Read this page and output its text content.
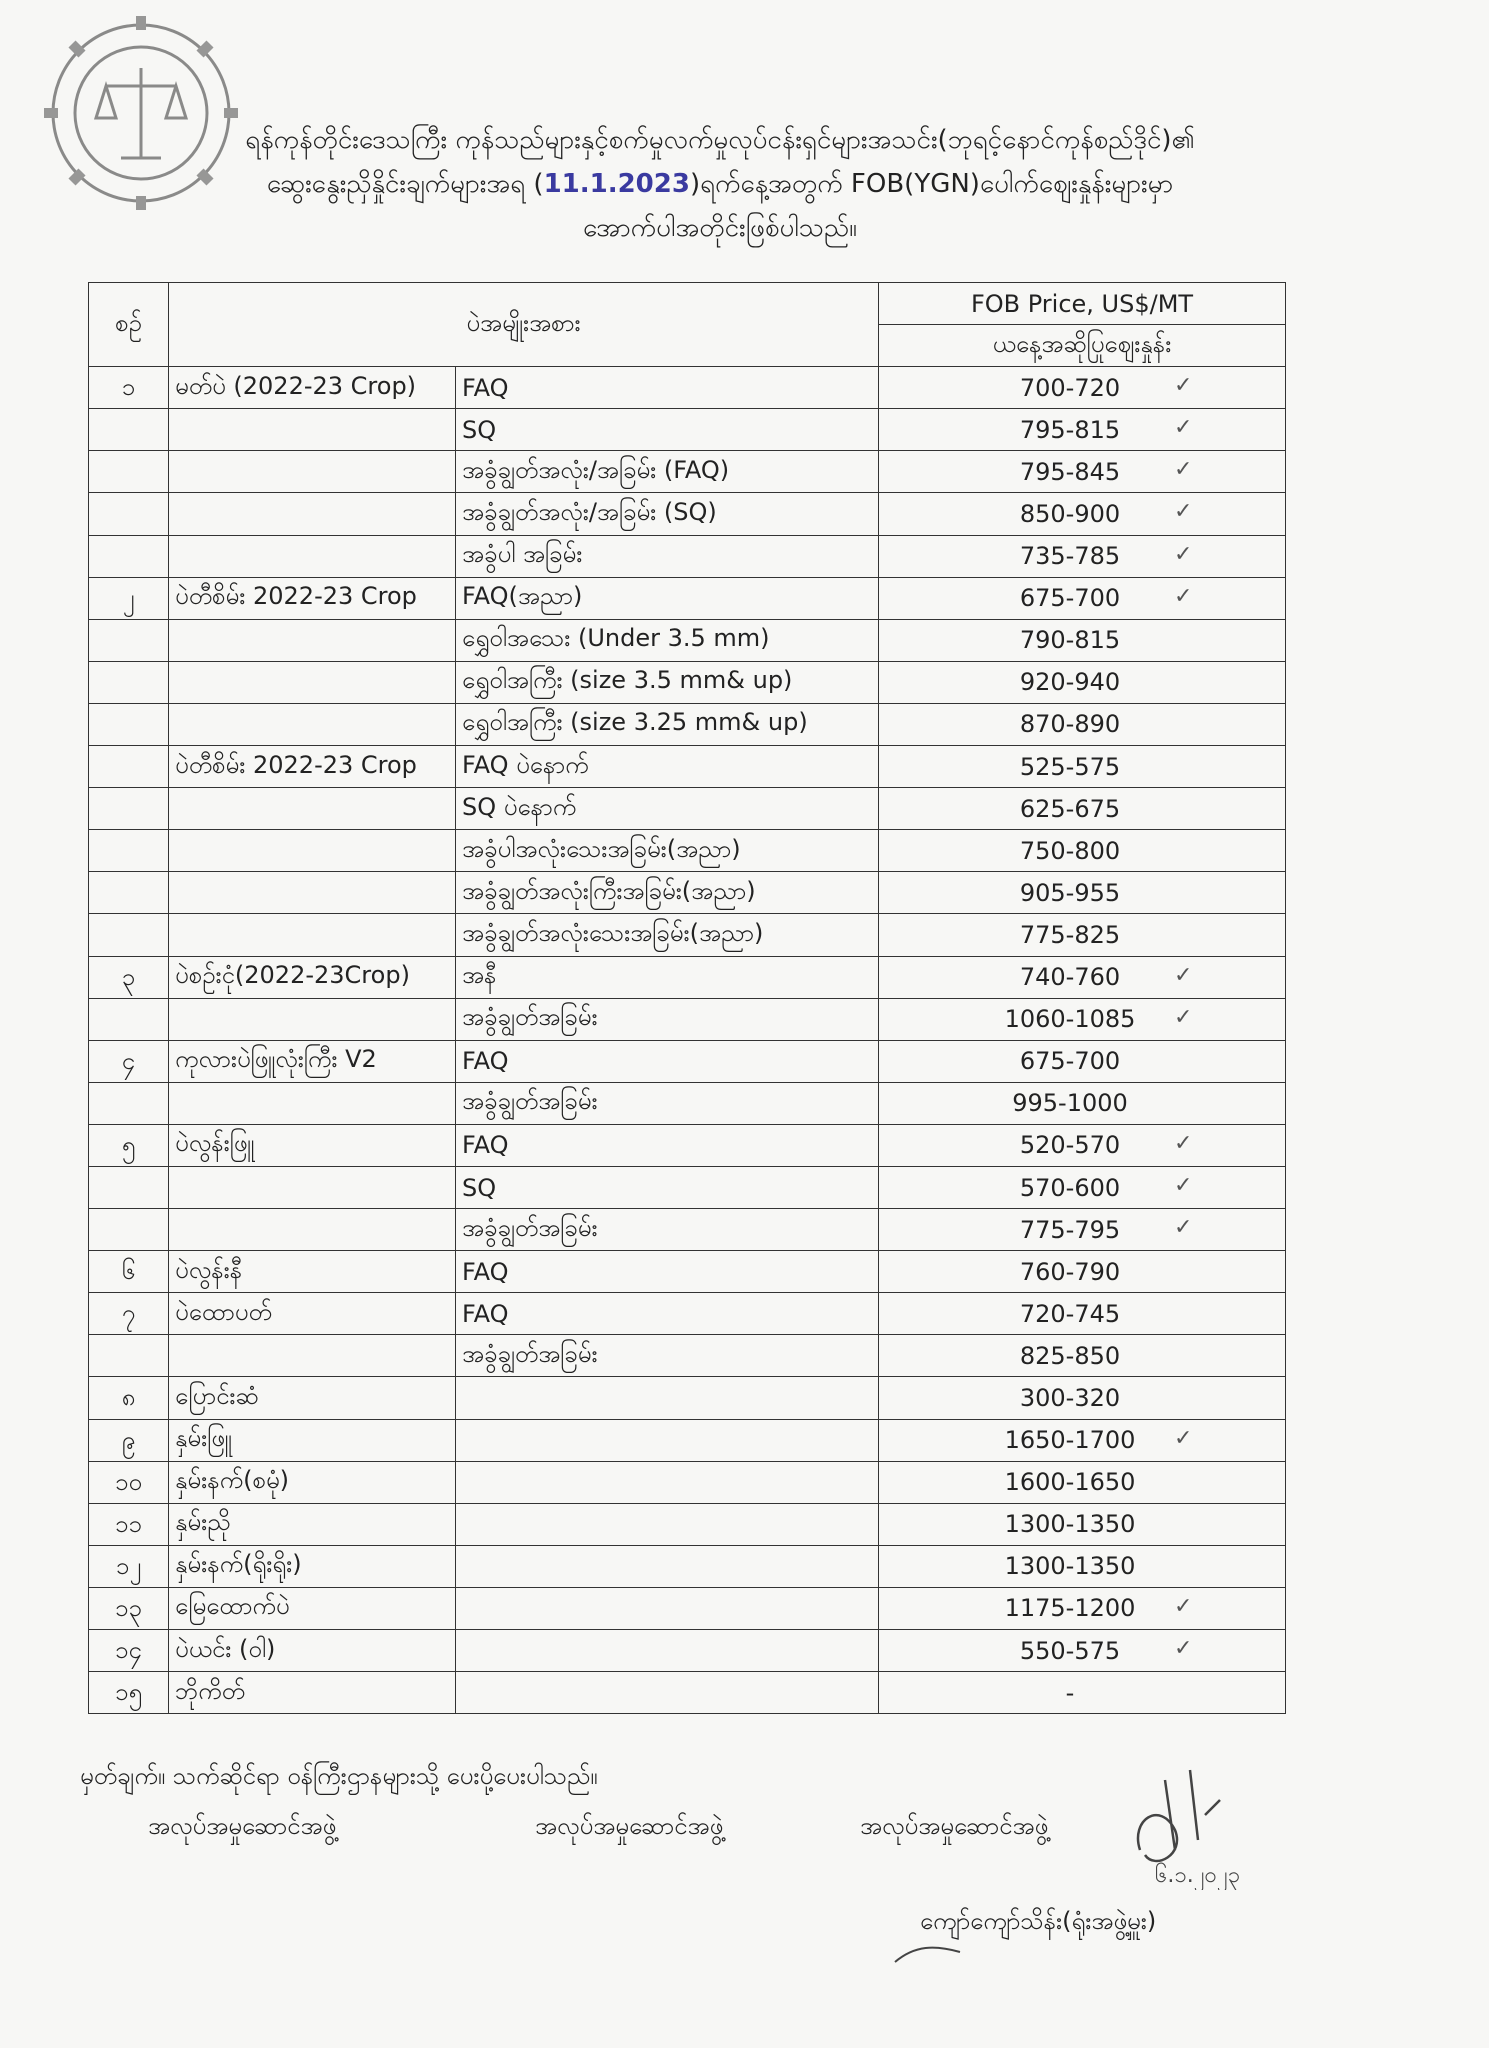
ရန်ကုန်တိုင်းဒေသကြီး ကုန်သည်များနှင့်စက်မှုလက်မှုလုပ်ငန်းရှင်များအသင်း(ဘုရင့်နောင်ကုန်စည်ဒိုင်)၏
ဆွေးနွေးညှိနှိုင်းချက်များအရ (11.1.2023)ရက်နေ့အတွက် FOB(YGN)ပေါက်ဈေးနှုန်းများမှာ
အောက်ပါအတိုင်းဖြစ်ပါသည်။
စဉ်	ပဲအမျိုးအစား		FOB Price, US$/MT
			ယနေ့အဆိုပြုဈေးနှုန်း
၁	မတ်ပဲ (2022-23 Crop)	FAQ	700-720 ✓

		SQ	795-815 ✓

		အခွံချွတ်အလုံး/အခြမ်း (FAQ)	795-845 ✓

		အခွံချွတ်အလုံး/အခြမ်း (SQ)	850-900 ✓

		အခွံပါ အခြမ်း	735-785 ✓

၂	ပဲတီစိမ်း 2022-23 Crop	FAQ(အညာ)	675-700 ✓

		ရွှေဝါအသေး (Under 3.5 mm)	790-815
		ရွှေဝါအကြီး (size 3.5 mm& up)	920-940
		ရွှေဝါအကြီး (size 3.25 mm& up)	870-890
	ပဲတီစိမ်း 2022-23 Crop	FAQ ပဲနောက်	525-575
		SQ ပဲနောက်	625-675
		အခွံပါအလုံးသေးအခြမ်း(အညာ)	750-800
		အခွံချွတ်အလုံးကြီးအခြမ်း(အညာ)	905-955
		အခွံချွတ်အလုံးသေးအခြမ်း(အညာ)	775-825
၃	ပဲစဉ်းငုံ(2022-23Crop)	အနီ	740-760 ✓

		အခွံချွတ်အခြမ်း	1060-1085 ✓

၄	ကုလားပဲဖြူလုံးကြီး V2	FAQ	675-700
		အခွံချွတ်အခြမ်း	995-1000
၅	ပဲလွန်းဖြူ	FAQ	520-570 ✓

		SQ	570-600 ✓

		အခွံချွတ်အခြမ်း	775-795 ✓

၆	ပဲလွန်းနီ	FAQ	760-790
၇	ပဲထောပတ်	FAQ	720-745
		အခွံချွတ်အခြမ်း	825-850
၈	ပြောင်းဆံ		300-320
၉	နှမ်းဖြူ		1650-1700 ✓

၁၀	နှမ်းနက်(စမုံ)		1600-1650
၁၁	နှမ်းညို		1300-1350
၁၂	နှမ်းနက်(ရိုးရိုး)		1300-1350
၁၃	မြေထောက်ပဲ		1175-1200 ✓

၁၄	ပဲယင်း (ဝါ)		550-575 ✓

၁၅	ဘိုကိတ်		-
မှတ်ချက်။ သက်ဆိုင်ရာ ဝန်ကြီးဌာနများသို့ ပေးပို့ပေးပါသည်။
အလုပ်အမှုဆောင်အဖွဲ့	အလုပ်အမှုဆောင်အဖွဲ့	အလုပ်အမှုဆောင်အဖွဲ့
၆.၁.၂၀၂၃
ကျော်ကျော်သိန်း(ရုံးအဖွဲ့မှူး)
